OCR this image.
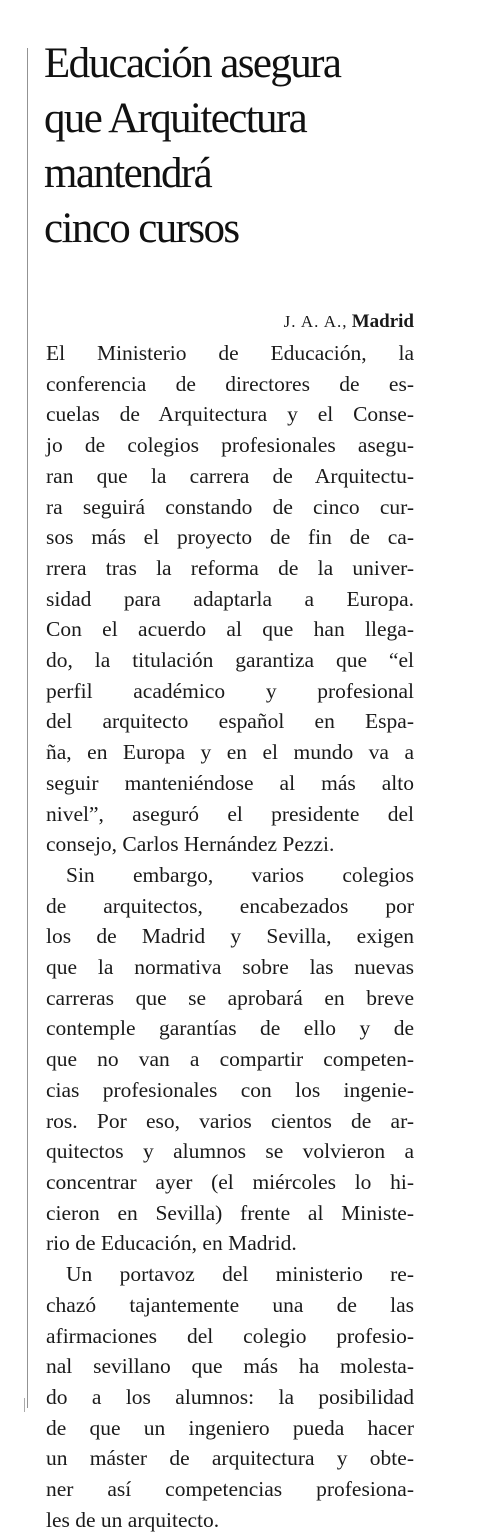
Educación asegura
que Arquitectura
mantendrá
cinco cursos
J. A. A., Madrid

El Ministerio de Educación, la
conferencia de directores de es-
cuelas de Arquitectura y el Conse-
jo de colegios profesionales asegu-
ran que la carrera de Arquitectu-
ra seguirá constando de cinco cur-
sos más el proyecto de fin de ca-
rrera tras la reforma de la univer-
sidad para adaptarla a Europa.
Con el acuerdo al que han llega-
do, la titulación garantiza que “el
perfil académico y profesional
del arquitecto español en Espa-
ña, en Europa y en el mundo va a
seguir manteniéndose al más alto
nivel”, aseguró el presidente del
consejo, Carlos Hernández Pezzi.

Sin embargo, varios colegios
de arquitectos, encabezados por
los de Madrid y Sevilla, exigen
que la normativa sobre las nuevas
carreras que se aprobará en breve
contemple garantías de ello y de
que no van a compartir competen-
cias profesionales con los ingenie-
ros. Por eso, varios cientos de ar-
quitectos y alumnos se volvieron a
concentrar ayer (el miércoles lo hi-
cieron en Sevilla) frente al Ministe-
rio de Educación, en Madrid.

Un portavoz del ministerio re-
chazó tajantemente una de las
afirmaciones del colegio profesio-
nal sevillano que más ha molesta-
do a los alumnos: la posibilidad
de que un ingeniero pueda hacer
un máster de arquitectura y obte-
ner así competencias profesiona-
les de un arquitecto.
